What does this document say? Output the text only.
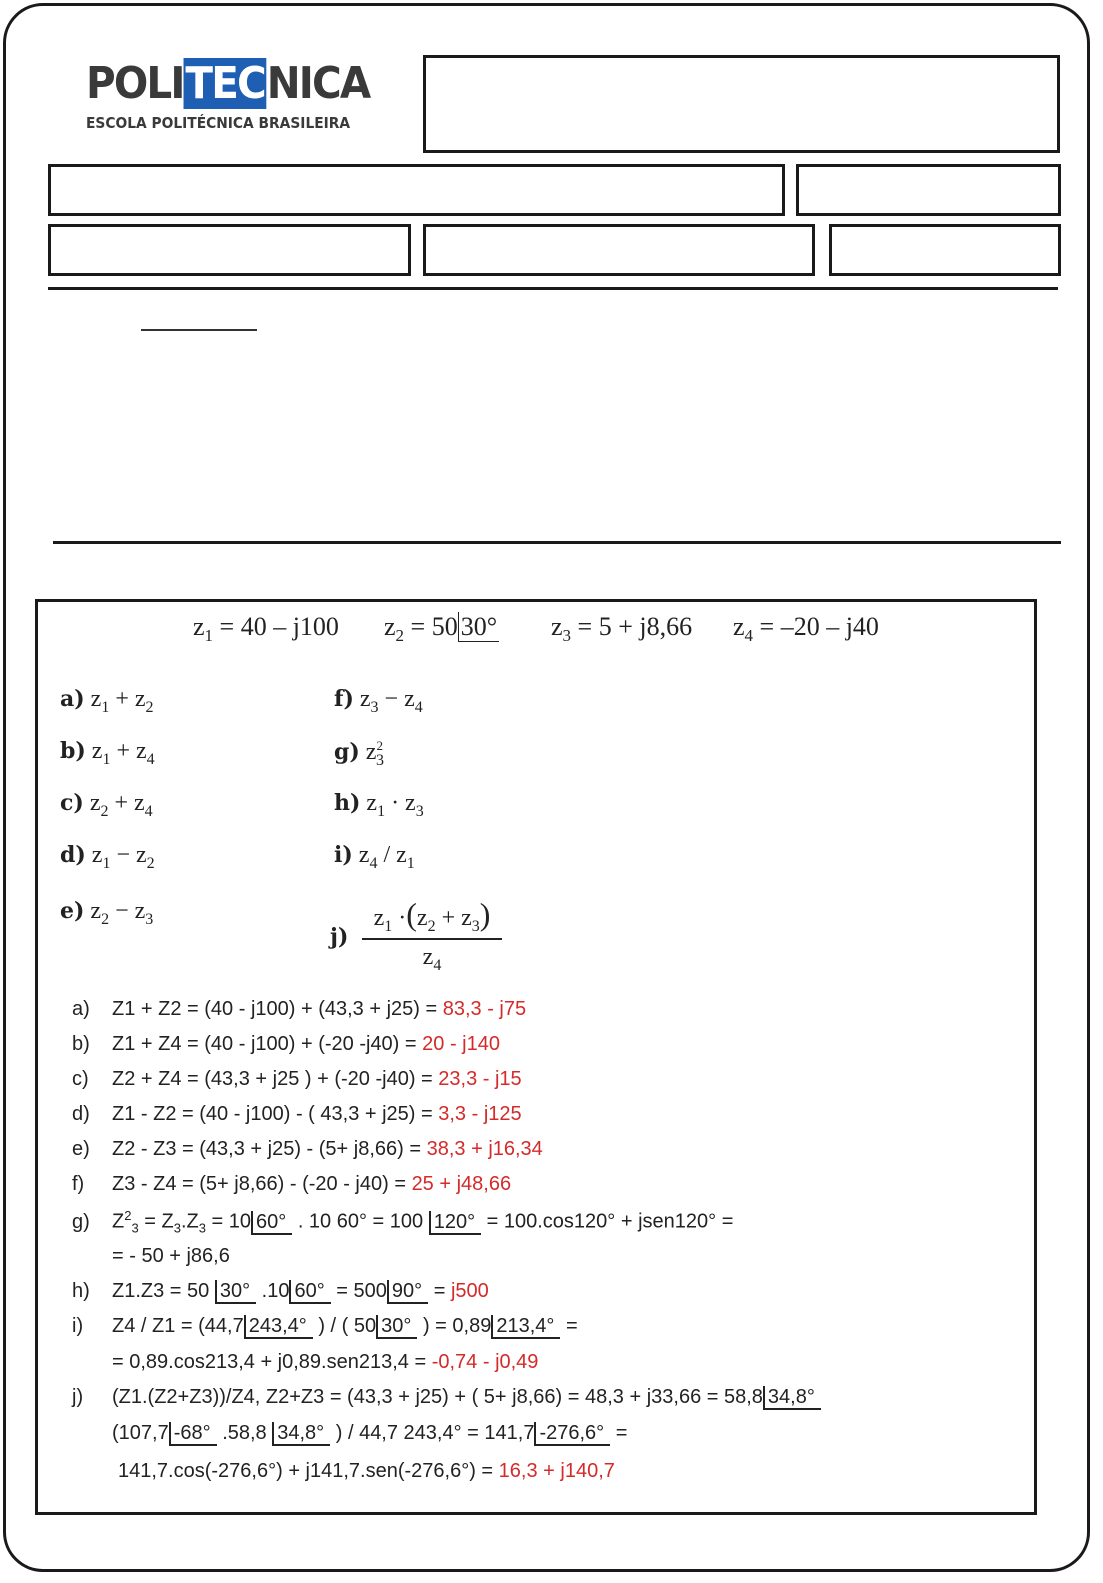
POLITECNICA
ESCOLA POLITÉCNICA BRASILEIRA
$z_1 = 40 - j100$ $z_2 = 50$ 30° $z_3 = 5 + j8,66$ $z_4 = -20 - j40$
a) $z_1 + z_2$
b) $z_1 + z_4$
c) $z_2 + z_4$
d) $z_1 - z_2$
e) $z_2 - z_3$
f) $z_3 - z_4$
g) $z^2_3$
h) $z_1 \cdot z_3$
i) $z_4 / z_1$
j)
$z_1 \cdot(z_2 + z_3)$
$z_4$
a) Z1 + Z2 = (40 - j100) + (43,3 + j25) = 83,3 - j75
b) Z1 + Z4 = (40 - j100) + (-20 -j40) = 20 - j140
c) Z2 + Z4 = (43,3 + j25 ) + (-20 -j40) = 23,3 - j15
d) Z1 - Z2 = (40 - j100) - ( 43,3 + j25) = 3,3 - j125
e) Z2 - Z3 = (43,3 + j25) - (5+ j8,66) = 38,3 + j16,34
f) Z3 - Z4 = (5+ j8,66) - (-20 - j40) = 25 + j48,66
g) $Z^2_3 = Z_3.Z_3 = 10$ 60° . 10 60° = 100 120° = 100.cos120° + jsen120° =
= - 50 + j86,6
h) Z1.Z3 = 50 30° .10 60° = 500 90° = j500
i) Z4 / Z1 = (44,7 243,4° ) / ( 50 30° ) = 0,89 213,4° =
= 0,89.cos213,4 + j0,89.sen213,4 = -0,74 - j0,49
j) (Z1.(Z2+Z3))/Z4, Z2+Z3 = (43,3 + j25) + ( 5+ j8,66) = 48,3 + j33,66 = 58,8 34,8°
(107,7 -68° .58,8 34,8° ) / 44,7 243,4° = 141,7 -276,6° =
141,7.cos(-276,6°) + j141,7.sen(-276,6°) = 16,3 + j140,7
